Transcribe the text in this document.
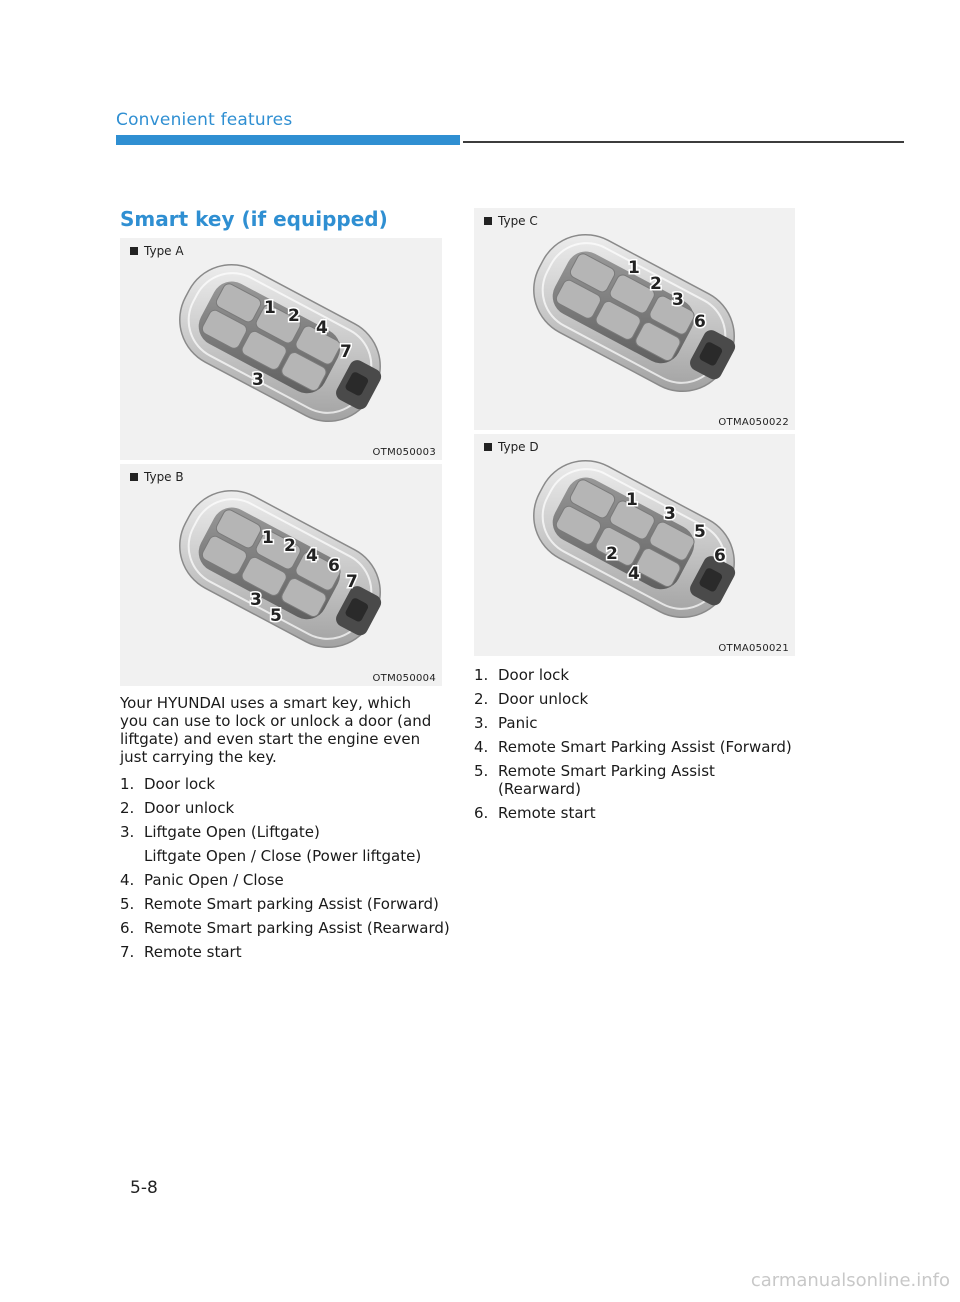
Convenient features
Smart key (if equipped)
Type A
1 2
4
7
3
OTM050003
Type B
1 2 4 6
7
3
5
OTM050004
Type C
1
2
3
6
OTMA050022
Type D
1
3
5
2	6
4
OTMA050021
Your HYUNDAI uses a smart key, which you can use to lock or unlock a door (and liftgate) and even start the engine even just carrying the key.
1. Door lock
2. Door unlock
3. Liftgate Open (Liftgate)
Liftgate Open / Close (Power liftgate)
4. Panic Open / Close
5. Remote Smart parking Assist (Forward)
6. Remote Smart parking Assist (Rearward)
7. Remote start
1. Door lock
2. Door unlock
3. Panic
4. Remote Smart Parking Assist (Forward)
5. Remote Smart Parking Assist (Rearward)
6. Remote start
5-8
carmanualsonline.info
